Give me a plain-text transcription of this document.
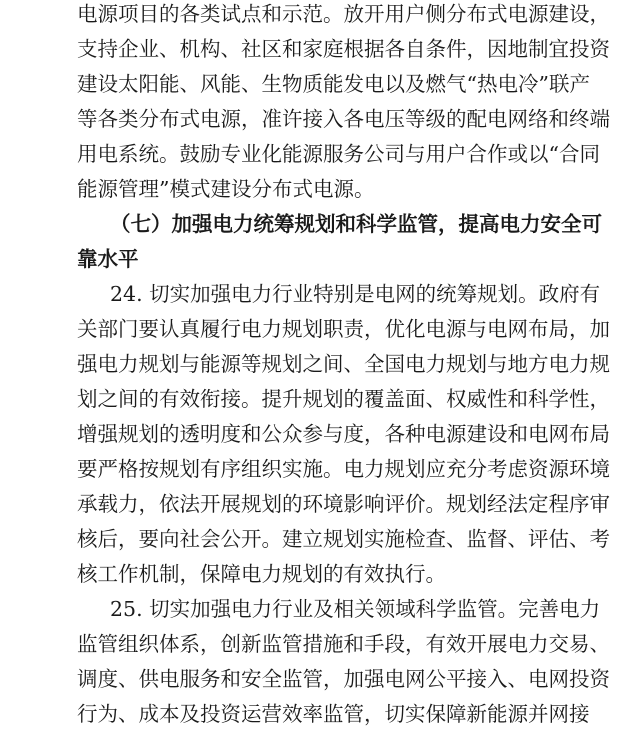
电源项目的各类试点和示范。放开用户侧分布式电源建设，
支持企业、机构、社区和家庭根据各自条件，因地制宜投资
建设太阳能、风能、生物质能发电以及燃气“热电冷”联产
等各类分布式电源，准许接入各电压等级的配电网络和终端
用电系统。鼓励专业化能源服务公司与用户合作或以“合同
能源管理”模式建设分布式电源。
（七）加强电力统筹规划和科学监管，提高电力安全可
靠水平
24. 切实加强电力行业特别是电网的统筹规划。政府有
关部门要认真履行电力规划职责，优化电源与电网布局，加
强电力规划与能源等规划之间、全国电力规划与地方电力规
划之间的有效衔接。提升规划的覆盖面、权威性和科学性，
增强规划的透明度和公众参与度，各种电源建设和电网布局
要严格按规划有序组织实施。电力规划应充分考虑资源环境
承载力，依法开展规划的环境影响评价。规划经法定程序审
核后，要向社会公开。建立规划实施检查、监督、评估、考
核工作机制，保障电力规划的有效执行。
25. 切实加强电力行业及相关领域科学监管。完善电力
监管组织体系，创新监管措施和手段，有效开展电力交易、
调度、供电服务和安全监管，加强电网公平接入、电网投资
行为、成本及投资运营效率监管，切实保障新能源并网接
